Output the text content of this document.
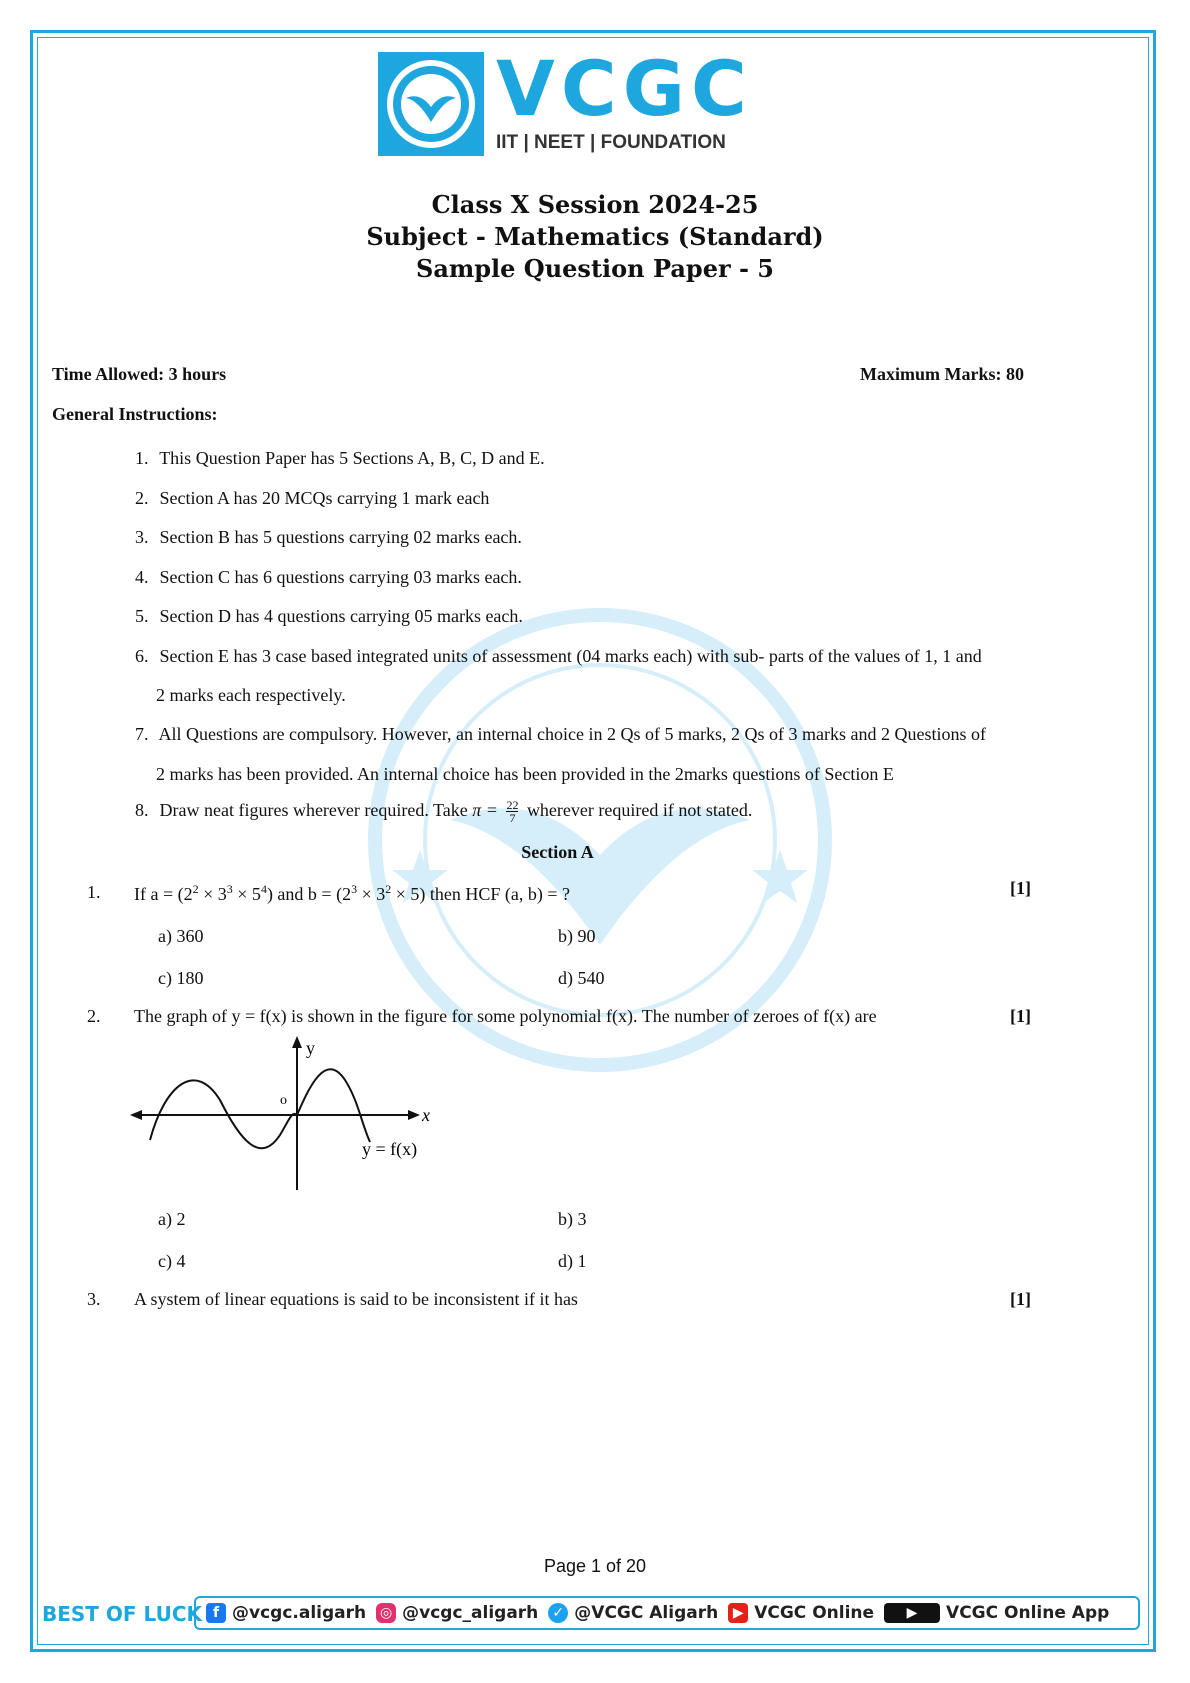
VCGC
IIT | NEET | FOUNDATION
Class X Session 2024-25
Subject - Mathematics (Standard)
Sample Question Paper - 5
Time Allowed: 3 hours	Maximum Marks: 80
General Instructions:
1. This Question Paper has 5 Sections A, B, C, D and E.
2. Section A has 20 MCQs carrying 1 mark each
3. Section B has 5 questions carrying 02 marks each.
4. Section C has 6 questions carrying 03 marks each.
5. Section D has 4 questions carrying 05 marks each.
6. Section E has 3 case based integrated units of assessment (04 marks each) with sub- parts of the values of 1, 1 and
2 marks each respectively.
7. All Questions are compulsory. However, an internal choice in 2 Qs of 5 marks, 2 Qs of 3 marks and 2 Questions of
2 marks has been provided. An internal choice has been provided in the 2marks questions of Section E
8. Draw neat figures wherever required. Take $\pi = \frac{22}{7}$ wherever required if not stated.
Section A
1. If $a = (2^2 \times 3^3 \times 5^4)$ and $b = (2^3 \times 3^2 \times 5)$ then HCF (a, b) = ?	[1]
a) 360	b) 90
c) 180	d) 540
2. The graph of y = f(x) is shown in the figure for some polynomial f(x). The number of zeroes of f(x) are	[1]
y
o
x
y = f(x)
a) 2	b) 3
c) 4	d) 1
3. A system of linear equations is said to be inconsistent if it has	[1]
Page 1 of 20
BEST OF LUCK f @vcgc.aligarh ◎ @vcgc_aligarh ✓ @VCGC Aligarh	▶ VCGC Online	▶	VCGC Online App
